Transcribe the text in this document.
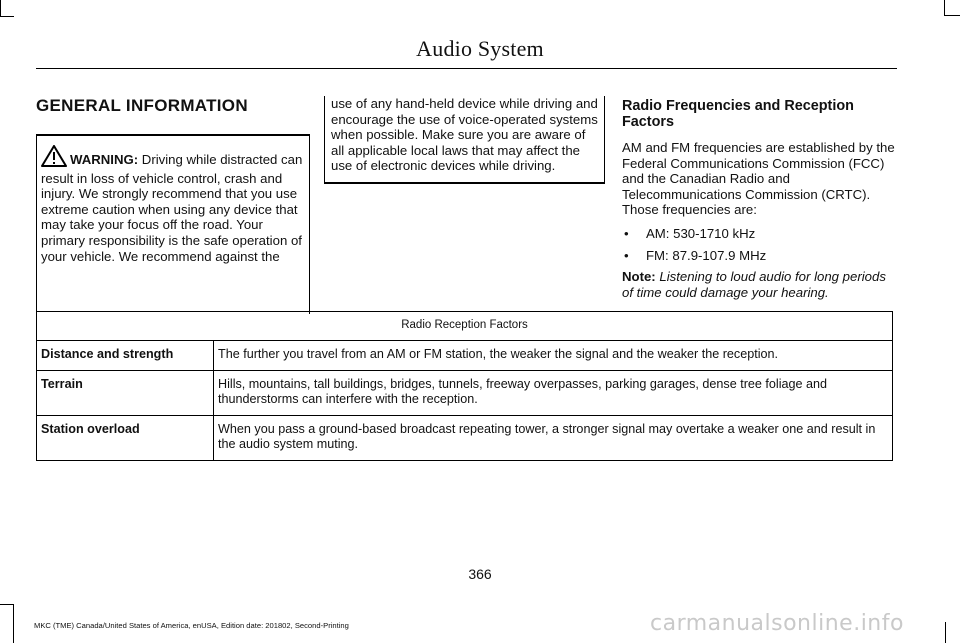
Audio System
GENERAL INFORMATION
WARNING: Driving while distracted can result in loss of vehicle control, crash and injury. We strongly recommend that you use extreme caution when using any device that may take your focus off the road. Your primary responsibility is the safe operation of your vehicle. We recommend against the
use of any hand-held device while driving and encourage the use of voice-operated systems when possible. Make sure you are aware of all applicable local laws that may affect the use of electronic devices while driving.
Radio Frequencies and Reception Factors

AM and FM frequencies are established by the Federal Communications Commission (FCC) and the Canadian Radio and Telecommunications Commission (CRTC). Those frequencies are:

• AM: 530-1710 kHz
• FM: 87.9-107.9 MHz

Note: Listening to loud audio for long periods of time could damage your hearing.

Radio Reception Factors	
Distance and strength	The further you travel from an AM or FM station, the weaker the signal and the weaker the reception.
Terrain	Hills, mountains, tall buildings, bridges, tunnels, freeway overpasses, parking garages, dense tree foliage and thunderstorms can interfere with the reception.
Station overload	When you pass a ground-based broadcast repeating tower, a stronger signal may overtake a weaker one and result in the audio system muting.
366
MKC (TME) Canada/United States of America, enUSA, Edition date: 201802, Second-Printing	carmanualsonline.info
